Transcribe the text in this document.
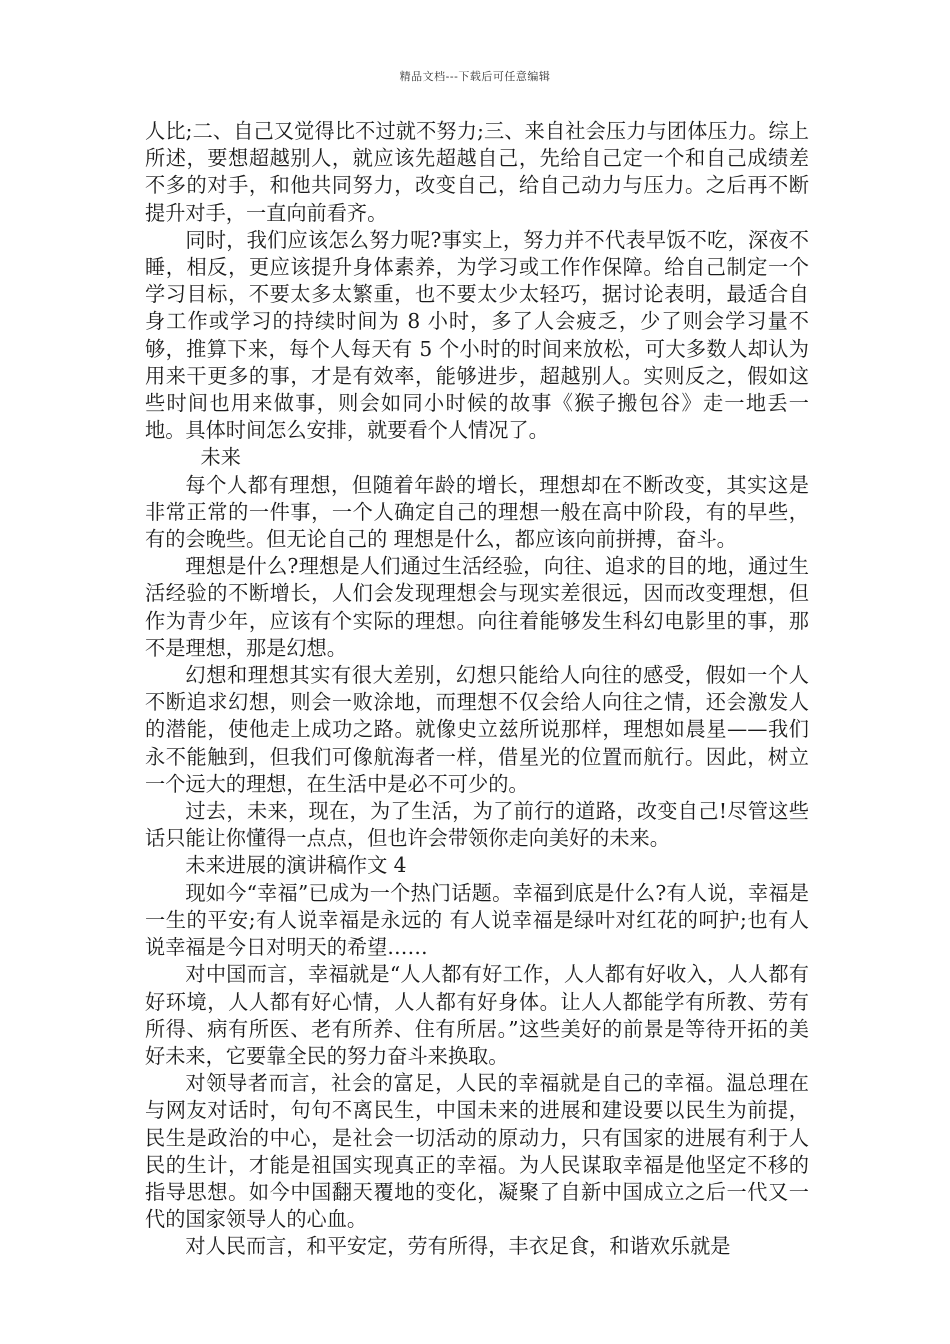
精品文档---下载后可任意编辑

人比;二、自己又觉得比不过就不努力;三、来自社会压力与团体压力。综上所述，要想超越别人，就应该先超越自己，先给自己定一个和自己成绩差不多的对手，和他共同努力，改变自己，给自己动力与压力。之后再不断提升对手，一直向前看齐。

同时，我们应该怎么努力呢?事实上，努力并不代表早饭不吃，深夜不睡，相反，更应该提升身体素养，为学习或工作作保障。给自己制定一个学习目标，不要太多太繁重，也不要太少太轻巧，据讨论表明，最适合自身工作或学习的持续时间为 8 小时，多了人会疲乏，少了则会学习量不够，推算下来，每个人每天有 5 个小时的时间来放松，可大多数人却认为用来干更多的事，才是有效率，能够进步，超越别人。实则反之，假如这些时间也用来做事，则会如同小时候的故事《猴子搬包谷》走一地丢一地。具体时间怎么安排，就要看个人情况了。

未来

每个人都有理想，但随着年龄的增长，理想却在不断改变，其实这是非常正常的一件事，一个人确定自己的理想一般在高中阶段，有的早些，有的会晚些。但无论自己的 理想是什么，都应该向前拼搏，奋斗。

理想是什么?理想是人们通过生活经验，向往、追求的目的地，通过生活经验的不断增长，人们会发现理想会与现实差很远，因而改变理想，但作为青少年，应该有个实际的理想。向往着能够发生科幻电影里的事，那不是理想，那是幻想。

幻想和理想其实有很大差别，幻想只能给人向往的感受，假如一个人不断追求幻想，则会一败涂地，而理想不仅会给人向往之情，还会激发人的潜能，使他走上成功之路。就像史立兹所说那样，理想如晨星——我们永不能触到，但我们可像航海者一样，借星光的位置而航行。因此，树立一个远大的理想，在生活中是必不可少的。

过去，未来，现在，为了生活，为了前行的道路，改变自己!尽管这些话只能让你懂得一点点，但也许会带领你走向美好的未来。

未来进展的演讲稿作文 4

现如今“幸福”已成为一个热门话题。幸福到底是什么?有人说，幸福是一生的平安;有人说幸福是永远的 有人说幸福是绿叶对红花的呵护;也有人说幸福是今日对明天的希望……

对中国而言，幸福就是“人人都有好工作，人人都有好收入，人人都有好环境，人人都有好心情，人人都有好身体。让人人都能学有所教、劳有所得、病有所医、老有所养、住有所居。”这些美好的前景是等待开拓的美好未来，它要靠全民的努力奋斗来换取。

对领导者而言，社会的富足，人民的幸福就是自己的幸福。温总理在与网友对话时，句句不离民生，中国未来的进展和建设要以民生为前提，民生是政治的中心，是社会一切活动的原动力，只有国家的进展有利于人民的生计，才能是祖国实现真正的幸福。为人民谋取幸福是他坚定不移的指导思想。如今中国翻天覆地的变化，凝聚了自新中国成立之后一代又一代的国家领导人的心血。

对人民而言，和平安定，劳有所得，丰衣足食，和谐欢乐就是
